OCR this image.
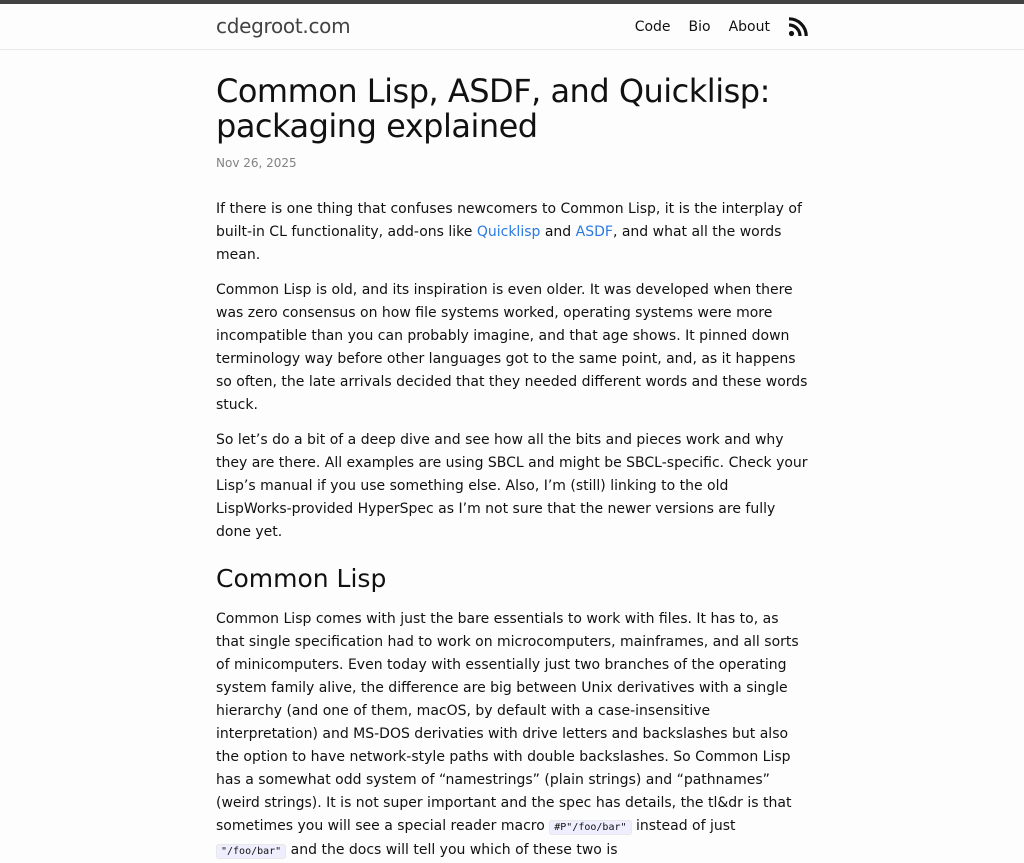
cdegroot.com	Code Bio About
Common Lisp, ASDF, and Quicklisp: packaging explained
Nov 26, 2025

If there is one thing that confuses newcomers to Common Lisp, it is the interplay of built-in CL functionality, add-ons like Quicklisp and ASDF, and what all the words mean.

Common Lisp is old, and its inspiration is even older. It was developed when there was zero consensus on how file systems worked, operating systems were more incompatible than you can probably imagine, and that age shows. It pinned down terminology way before other languages got to the same point, and, as it happens so often, the late arrivals decided that they needed different words and these words stuck.

So let’s do a bit of a deep dive and see how all the bits and pieces work and why they are there. All examples are using SBCL and might be SBCL-specific. Check your Lisp’s manual if you use something else. Also, I’m (still) linking to the old LispWorks-provided HyperSpec as I’m not sure that the newer versions are fully done yet.

Common Lisp

Common Lisp comes with just the bare essentials to work with files. It has to, as that single specification had to work on microcomputers, mainframes, and all sorts of minicomputers. Even today with essentially just two branches of the operating system family alive, the difference are big between Unix derivatives with a single hierarchy (and one of them, macOS, by default with a case-insensitive interpretation) and MS-DOS derivaties with drive letters and backslashes but also the option to have network-style paths with double backslashes. So Common Lisp has a somewhat odd system of “namestrings” (plain strings) and “pathnames” (weird strings). It is not super important and the spec has details, the tl&dr is that sometimes you will see a special reader macro #P"/foo/bar" instead of just "/foo/bar" and the docs will tell you which of these two is
